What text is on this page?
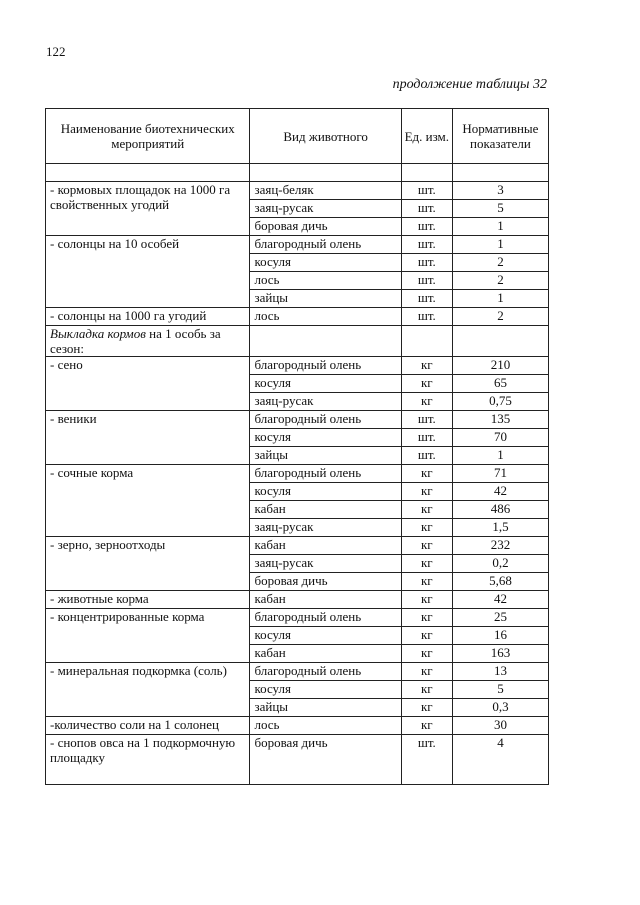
122
продолжение таблицы 32
Наименование биотехнических мероприятий	Вид животного	Ед. изм.	Нормативные показатели

- кормовых площадок на 1000 га свойственных угодий	заяц-беляк	шт.	3
	заяц-русак	шт.	5
	боровая дичь	шт.	1
- солонцы на 10 особей	благородный олень	шт.	1
	косуля	шт.	2
	лось	шт.	2
	зайцы	шт.	1
- солонцы на 1000 га угодий	лось	шт.	2
Выкладка кормов на 1 особь за сезон:			
- сено	благородный олень	кг	210
	косуля	кг	65
	заяц-русак	кг	0,75
- веники	благородный олень	шт.	135
	косуля	шт.	70
	зайцы	шт.	1
- сочные корма	благородный олень	кг	71
	косуля	кг	42
	кабан	кг	486
	заяц-русак	кг	1,5
- зерно, зерноотходы	кабан	кг	232
	заяц-русак	кг	0,2
	боровая дичь	кг	5,68
- животные корма	кабан	кг	42
- концентрированные корма	благородный олень	кг	25
	косуля	кг	16
	кабан	кг	163
- минеральная подкормка (соль)	благородный олень	кг	13
	косуля	кг	5
	зайцы	кг	0,3
-количество соли на 1 солонец	лось	кг	30
- снопов овса на 1 подкормочную площадку	боровая дичь	шт.	4
